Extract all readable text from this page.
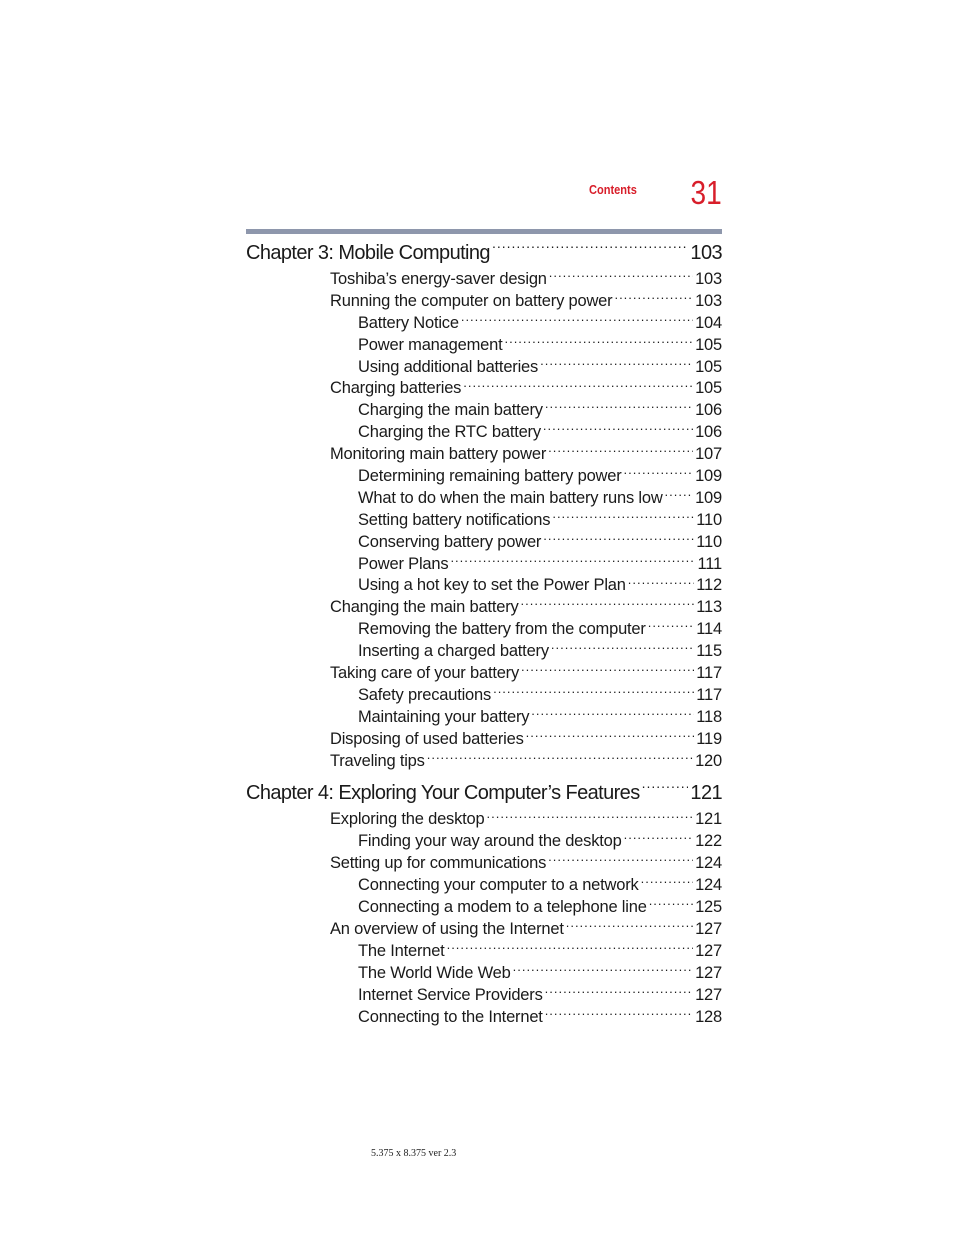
Contents 31
Chapter 3: Mobile Computing .....	103
Toshiba’s energy-saver design .....	103
Running the computer on battery power .....	103
Battery Notice .....	104
Power management .....	105
Using additional batteries .....	105
Charging batteries .....	105
Charging the main battery .....	106
Charging the RTC battery .....	106
Monitoring main battery power .....	107
Determining remaining battery power .....	109
What to do when the main battery runs low ..... 109
Setting battery notifications .....	110
Conserving battery power .....	110
Power Plans .....	111
Using a hot key to set the Power Plan .....	112
Changing the main battery .....	113
Removing the battery from the computer .....	114
Inserting a charged battery .....	115
Taking care of your battery .....	117
Safety precautions .....	117
Maintaining your battery .....	118
Disposing of used batteries .....	119
Traveling tips .....	120
Chapter 4: Exploring Your Computer’s Features .....	121
Exploring the desktop .....	121
Finding your way around the desktop .....	122
Setting up for communications .....	124
Connecting your computer to a network .....	124
Connecting a modem to a telephone line .....	125
An overview of using the Internet .....	127
The Internet .....	127
The World Wide Web .....	127
Internet Service Providers .....	127
Connecting to the Internet .....	128
5.375 x 8.375 ver 2.3
